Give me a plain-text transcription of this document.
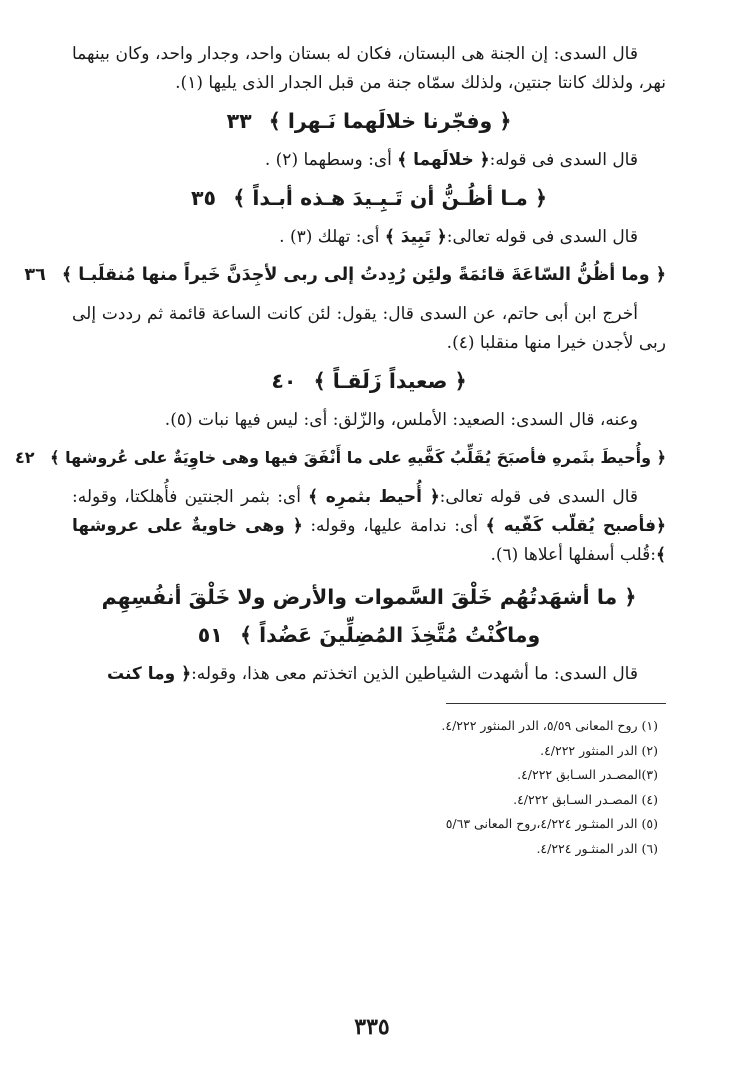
قال السدى: إن الجنة هى البستان، فكان له بستان واحد، وجدار واحد، وكان بينهما نهر، ولذلك كانتا جنتين، ولذلك سمّاه جنة من قبل الجدار الذى يليها (١).

﴿ وفجّرنا خلالَهما نَـهرا ﴾ ٣٣

قال السدى فى قوله:﴿ خلالَهما ﴾ أى: وسطهما (٢) .

﴿ مـا أظُـنُّ أن تَـبِـيدَ هـذه أبـداً ﴾ ٣٥

قال السدى فى قوله تعالى:﴿ تَبِيدَ ﴾ أى: تهلك (٣) .

﴿ وما أظُنُّ السّاعَةَ قائمَةً ولئِن رُدِدتُ إلى ربى لأجِدَنَّ خَيراً منها مُنقلَبـا ﴾ ٣٦

أخرج ابن أبى حاتم، عن السدى قال: يقول: لئن كانت الساعة قائمة ثم رددت إلى ربى لأجدن خيرا منها منقلبا (٤).

﴿ صعيداً زَلَقـاً ﴾ ٤٠

وعنه، قال السدى: الصعيد: الأملس، والزّلق: أى: ليس فيها نبات (٥).

﴿ وأُحيطَ بثَمرهِ فأصبَحَ يُقَلِّبُ كَفَّيهِ على ما أَنْفَقَ فيها وهى خاوِيَةٌ على عُروشها ﴾ ٤٢

قال السدى فى قوله تعالى:﴿ أُحيط بثمرِه ﴾ أى: بثمر الجنتين فأُهلكتا، وقوله: ﴿فأصبح يُقلّب كَفّيه ﴾ أى: ندامة عليها، وقوله: ﴿ وهى خاويةٌ على عروشها ﴾:قُلب أسفلها أعلاها (٦).

﴿ ما أشهَدتُهُم خَلْقَ السَّموات والأرض ولا خَلْقَ أنفُسِهِم
وماكُنْتُ مُتَّخِذَ المُضِلِّينَ عَضُداً ﴾ ٥١

قال السدى: ما أشهدت الشياطين الذين اتخذتم معى هذا، وقوله:﴿ وما كنت

(١) روح المعانى ٥/٥٩، الدر المنثور ٤/٢٢٢.

(٢) الدر المنثور ٤/٢٢٢.

(٣)المصـدر السـابق ٤/٢٢٢.

(٤) المصـدر السـابق ٤/٢٢٢.

(٥) الدر المنثـور ٤/٢٢٤،روح المعانى ٥/٦٣

(٦) الدر المنثـور ٤/٢٢٤.

٣٣٥
